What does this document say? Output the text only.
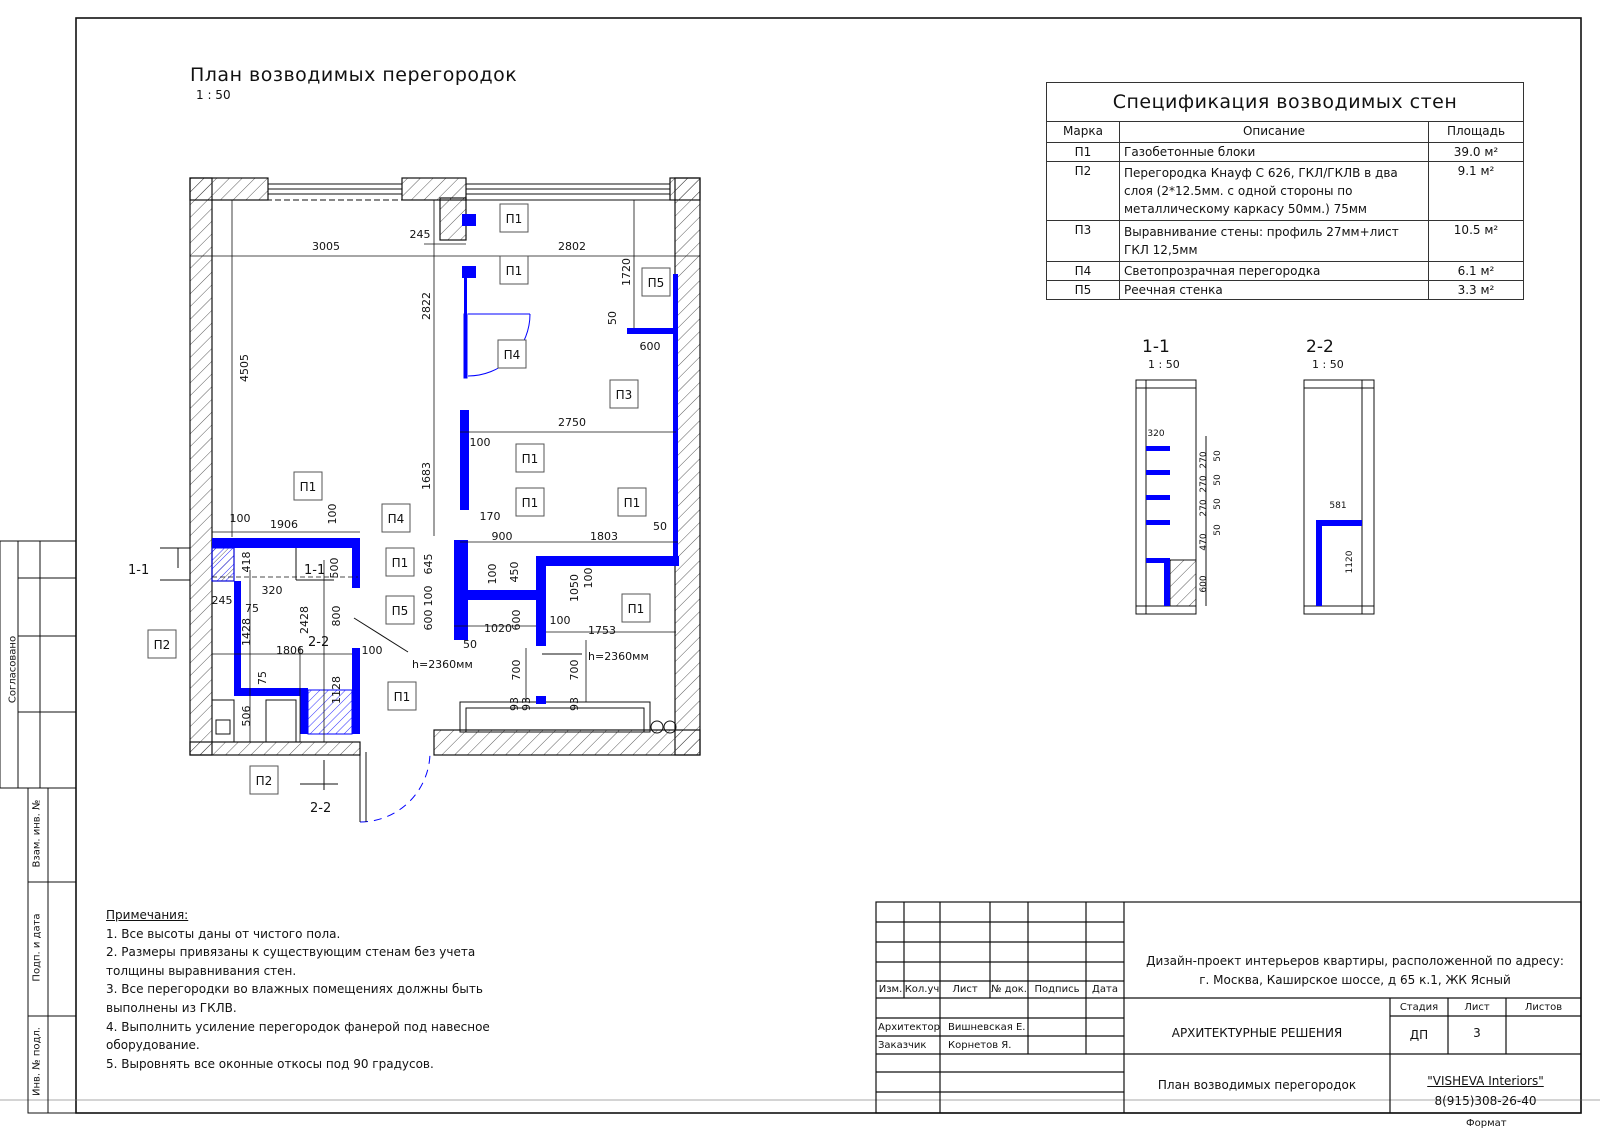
3005
245
2802
1720
2822
4505
50
600
2750
100
1683
170
100 1906	100
900	1803
50
418	500
320
645	450
100	1050 100
600
100
245
75	2428 800
1428	1020
600 100
1753
50
100
1806
75	1128
506
700	700
93 93	93
h=2360мм
h=2360мм
П1
П1
П5
П4
П3
П1
П1
П1	П1
П4
П1
П5	П1
П2
П1
П2
1-1	1-1
2-2
2-2
320
270 50
270 50
270 50
470
50
600
1-1
1 : 50
581
1120
2-2
1 : 50
План возводимых перегородок
1 : 50	Спецификация возводимых стен		
Марка	Описание	Площадь
П1	Газобетонные блоки	39.0 м²
П2	Перегородка Кнауф С 626, ГКЛ/ГКЛВ в два слоя (2*12.5мм. с одной стороны по металлическому каркасу 50мм.) 75мм	9.1 м²
П3	Выравнивание стены: профиль 27мм+лист ГКЛ 12,5мм	10.5 м²
П4	Светопрозрачная перегородка	6.1 м²
П5	Реечная стенка	3.3 м²
Примечания:
1. Все высоты даны от чистого пола.
2. Размеры привязаны к существующим стенам без учета толщины выравнивания стен.
3. Все перегородки во влажных помещениях должны быть выполнены из ГКЛВ.
4. Выполнить усиление перегородок фанерой под навесное оборудование.
5. Выровнять все оконные откосы под 90 градусов.
Согласовано
Взам. инв. №
Подп. и дата
Инв. № подл.
Изм. Кол.уч	Лист	№ док. Подпись	Дата
Архитектор Вишневская Е.
Заказчик Корнетов Я.
Дизайн-проект интерьеров квартиры, расположенной по адресу: г. Москва, Каширское шоссе, д 65 к.1, ЖК Ясный
АРХИТЕКТУРНЫЕ РЕШЕНИЯ
Стадия	Лист	Листов
ДП	3
План возводимых перегородок	"VISHEVA Interiors"
8(915)308-26-40
Формат
